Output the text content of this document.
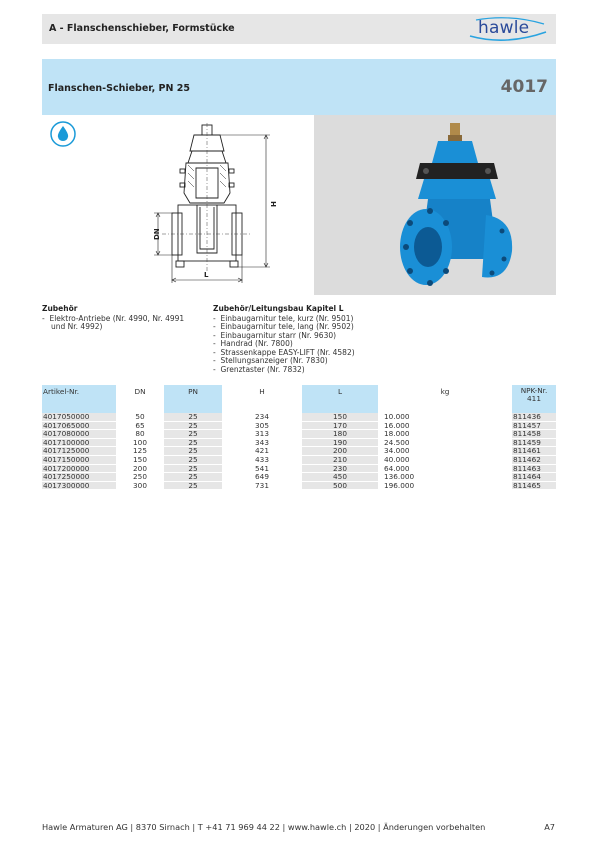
A - Flanschenschieber, Formstücke	hawle
Flanschen-Schieber, PN 25	4017
H
DN
L
Zubehör
-  Elektro-Antriebe (Nr. 4990, Nr. 4991 und Nr. 4992)
Zubehör/Leitungsbau Kapitel L
-  Einbaugarnitur tele, kurz (Nr. 9501)
-  Einbaugarnitur tele, lang (Nr. 9502)
-  Einbaugarnitur starr (Nr. 9630)
-  Handrad (Nr. 7800)
-  Strassenkappe EASY-LIFT (Nr. 4582)
-  Stellungsanzeiger (Nr. 7830)
-  Grenztaster (Nr. 7832)
Artikel-Nr.	DN	PN	H	L	kg	NPK-Nr.
411
4017050000	50	25	234	150	10.000	811436
4017065000	65	25	305	170	16.000	811457
4017080000	80	25	313	180	18.000	811458
4017100000	100	25	343	190	24.500	811459
4017125000	125	25	421	200	34.000	811461
4017150000	150	25	433	210	40.000	811462
4017200000	200	25	541	230	64.000	811463
4017250000	250	25	649	450	136.000	811464
4017300000	300	25	731	500	196.000	811465
Hawle Armaturen AG | 8370 Sirnach | T +41 71 969 44 22 | www.hawle.ch | 2020 | Änderungen vorbehalten	A7
